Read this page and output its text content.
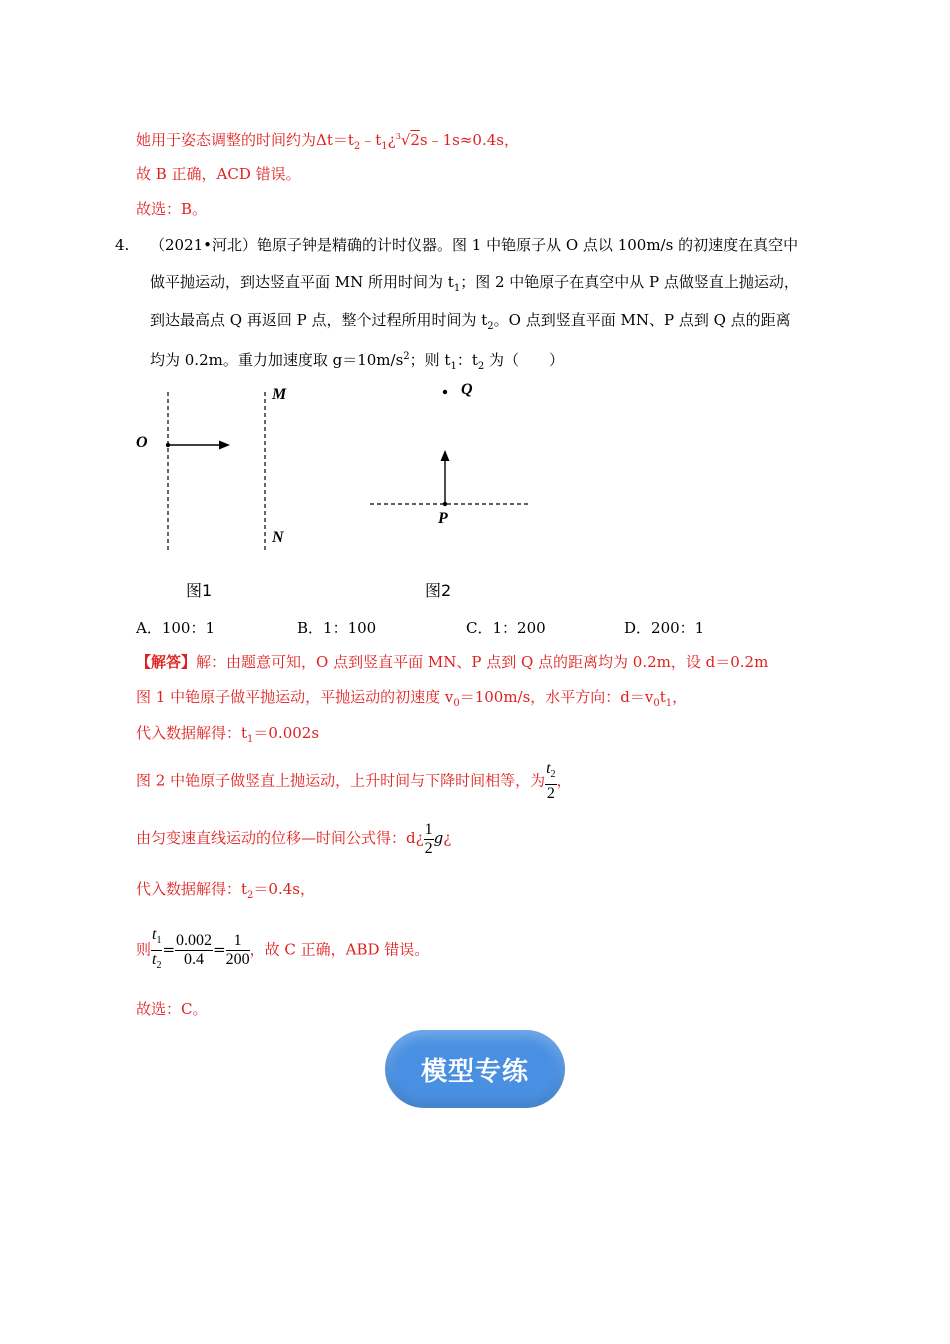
她用于姿态调整的时间约为$\Delta t=t_2﹣t_1¿^3√2s﹣1s\approx 0.4s$，
故 B 正确，ACD 错误。
故选：B。
4. （2021•河北）铯原子钟是精确的计时仪器。图 1 中铯原子从 O 点以 100m/s 的初速度在真空中
做平抛运动，到达竖直平面 MN 所用时间为 $t_1$；图 2 中铯原子在真空中从 P 点做竖直上抛运动，
到达最高点 Q 再返回 P 点，整个过程所用时间为 $t_2$。O 点到竖直平面 MN、P 点到 Q 点的距离
均为 0.2m。重力加速度取 $g=10m/s^2$；则 $t_1$：$t_2$ 为（　　）
O
M
N
Q
P
图1	图2
A．100：1	B．1：100	C．1：200	D．200：1
【解答】解：由题意可知，O 点到竖直平面 MN、P 点到 Q 点的距离均为 0.2m，设 d＝0.2m
图 1 中铯原子做平抛运动，平抛运动的初速度 $v_0=100m/s$，水平方向：$d=v_0t_1$，
代入数据解得：$t_1=0.002s$
图 2 中铯原子做竖直上抛运动，上升时间与下降时间相等，为 $\frac{t_2}{2}$ ，
由匀变速直线运动的位移—时间公式得：d¿ $\frac{1}{2}$ g¿
代入数据解得：$t_2=0.4s$，
则 $\frac{t_1}{t_2} = \frac{0.002}{0.4} = \frac{1}{200}$ ，故 C 正确，ABD 错误。
故选：C。
模型专练
